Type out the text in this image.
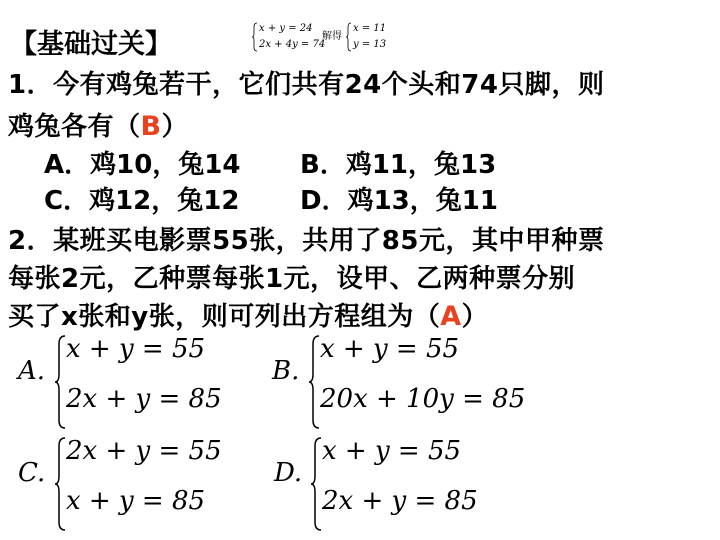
【基础过关】
x + y = 24
2x + 4y = 74
解得
x = 11
y = 13
1．今有鸡兔若干，它们共有24个头和74只脚，则
鸡兔各有（B）
A．鸡10，兔14 B．鸡11，兔13
C．鸡12，兔12 D．鸡13，兔11
2．某班买电影票55张，共用了85元，其中甲种票
每张2元，乙种票每张1元，设甲、乙两种票分别
买了x张和y张，则可列出方程组为（A）
A.
x + y = 55
2x + y = 85
B.
x + y = 55
20x + 10y = 85
C.
2x + y = 55
x + y = 85
D.
x + y = 55
2x + y = 85
